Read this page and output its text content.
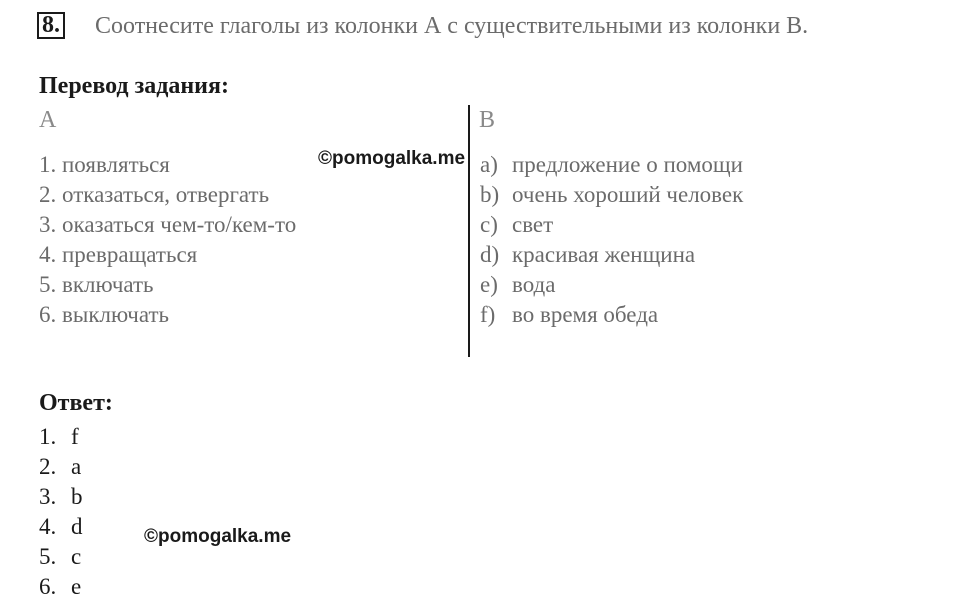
8. Соотнесите глаголы из колонки А с существительными из колонки В.
Перевод задания:
A	B
1. появляться
2. отказаться, отвергать
3. оказаться чем-то/кем-то
4. превращаться
5. включать
6. выключать
a) предложение о помощи
b) очень хороший человек
c) свет
d) красивая женщина
e) вода
f) во время обеда
Ответ:
1. f
2. a
3. b
4. d
5. c
6. e
©pomogalka.me
©pomogalka.me
